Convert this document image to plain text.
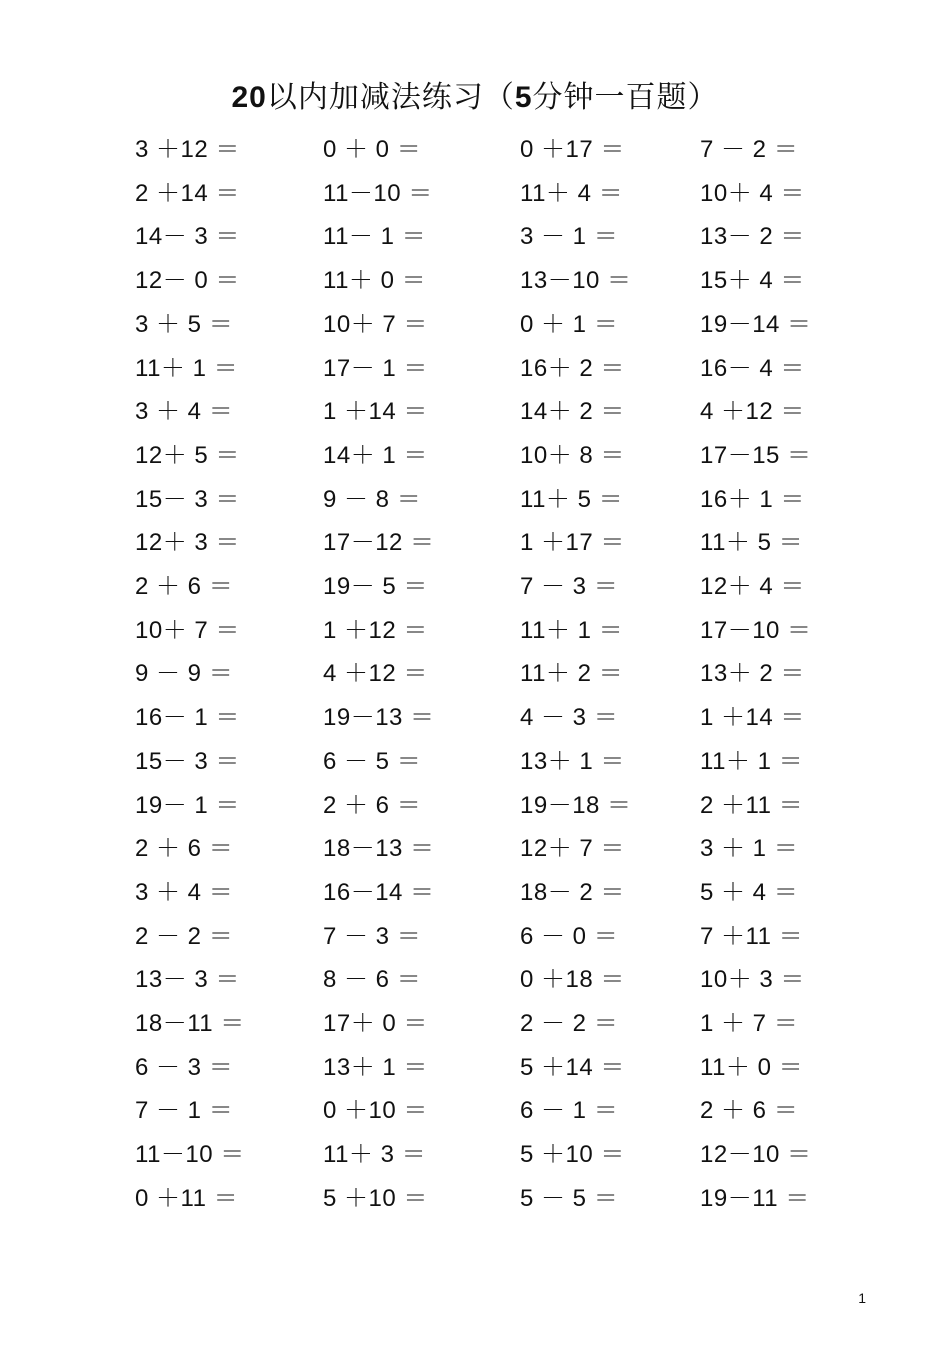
20以内加减法练习（5分钟一百题）
3 ＋12 ＝	0 ＋ 0 ＝	0 ＋17 ＝	7 － 2 ＝
2 ＋14 ＝	11－10 ＝	11＋ 4 ＝	10＋ 4 ＝
14－ 3 ＝	11－ 1 ＝	3 － 1 ＝	13－ 2 ＝
12－ 0 ＝	11＋ 0 ＝	13－10 ＝	15＋ 4 ＝
3 ＋ 5 ＝	10＋ 7 ＝	0 ＋ 1 ＝	19－14 ＝
11＋ 1 ＝	17－ 1 ＝	16＋ 2 ＝	16－ 4 ＝
3 ＋ 4 ＝	1 ＋14 ＝	14＋ 2 ＝	4 ＋12 ＝
12＋ 5 ＝	14＋ 1 ＝	10＋ 8 ＝	17－15 ＝
15－ 3 ＝	9 － 8 ＝	11＋ 5 ＝	16＋ 1 ＝
12＋ 3 ＝	17－12 ＝	1 ＋17 ＝	11＋ 5 ＝
2 ＋ 6 ＝	19－ 5 ＝	7 － 3 ＝	12＋ 4 ＝
10＋ 7 ＝	1 ＋12 ＝	11＋ 1 ＝	17－10 ＝
9 － 9 ＝	4 ＋12 ＝	11＋ 2 ＝	13＋ 2 ＝
16－ 1 ＝	19－13 ＝	4 － 3 ＝	1 ＋14 ＝
15－ 3 ＝	6 － 5 ＝	13＋ 1 ＝	11＋ 1 ＝
19－ 1 ＝	2 ＋ 6 ＝	19－18 ＝	2 ＋11 ＝
2 ＋ 6 ＝	18－13 ＝	12＋ 7 ＝	3 ＋ 1 ＝
3 ＋ 4 ＝	16－14 ＝	18－ 2 ＝	5 ＋ 4 ＝
2 － 2 ＝	7 － 3 ＝	6 － 0 ＝	7 ＋11 ＝
13－ 3 ＝	8 － 6 ＝	0 ＋18 ＝	10＋ 3 ＝
18－11 ＝	17＋ 0 ＝	2 － 2 ＝	1 ＋ 7 ＝
6 － 3 ＝	13＋ 1 ＝	5 ＋14 ＝	11＋ 0 ＝
7 － 1 ＝	0 ＋10 ＝	6 － 1 ＝	2 ＋ 6 ＝
11－10 ＝	11＋ 3 ＝	5 ＋10 ＝	12－10 ＝
0 ＋11 ＝	5 ＋10 ＝	5 － 5 ＝	19－11 ＝
1
